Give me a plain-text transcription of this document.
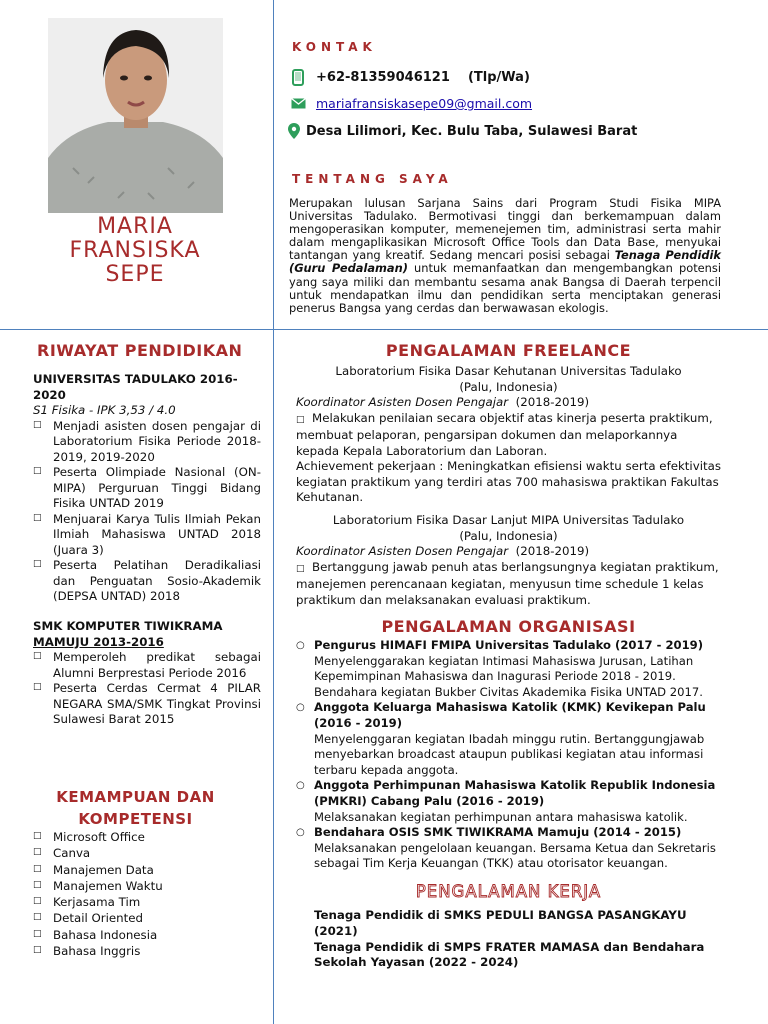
MARIA
FRANSISKA
SEPE
KONTAK
+62-81359046121    (Tlp/Wa)
mariafransiskasepe09@gmail.com
Desa Lilimori, Kec. Bulu Taba, Sulawesi Barat
TENTANG SAYA
Merupakan lulusan Sarjana Sains dari Program Studi Fisika MIPA Universitas Tadulako. Bermotivasi tinggi dan berkemampuan dalam mengoperasikan komputer, memenejemen tim, administrasi serta mahir dalam mengaplikasikan Microsoft Office Tools dan Data Base, menyukai tantangan yang kreatif. Sedang mencari posisi sebagai Tenaga Pendidik (Guru Pedalaman) untuk memanfaatkan dan mengembangkan potensi yang saya miliki dan membantu sesama anak Bangsa di Daerah terpencil untuk mendapatkan ilmu dan pendidikan serta menciptakan generasi penerus Bangsa yang cerdas dan berwawasan ekologis.
RIWAYAT PENDIDIKAN
UNIVERSITAS TADULAKO 2016-2020
S1 Fisika - IPK 3,53 / 4.0
□ Menjadi asisten dosen pengajar di Laboratorium Fisika Periode 2018-2019, 2019-2020
□ Peserta Olimpiade Nasional (ON-MIPA) Perguruan Tinggi Bidang Fisika UNTAD 2019
□ Menjuarai Karya Tulis Ilmiah Pekan Ilmiah Mahasiswa UNTAD 2018 (Juara 3)
□ Peserta Pelatihan Deradikaliasi dan Penguatan Sosio-Akademik (DEPSA UNTAD) 2018
SMK KOMPUTER TIWIKRAMA
MAMUJU 2013-2016
□ Memperoleh predikat sebagai Alumni Berprestasi Periode 2016
□ Peserta Cerdas Cermat 4 PILAR NEGARA SMA/SMK Tingkat Provinsi Sulawesi Barat 2015
KEMAMPUAN DAN
KOMPETENSI
□ Microsoft Office
□ Canva
□ Manajemen Data
□ Manajemen Waktu
□ Kerjasama Tim
□ Detail Oriented
□ Bahasa Indonesia
□ Bahasa Inggris
PENGALAMAN FREELANCE
Laboratorium Fisika Dasar Kehutanan Universitas Tadulako
(Palu, Indonesia)
Koordinator Asisten Dosen Pengajar (2018-2019)
□ Melakukan penilaian secara objektif atas kinerja peserta praktikum, membuat pelaporan, pengarsipan dokumen dan melaporkannya kepada Kepala Laboratorium dan Laboran.
Achievement pekerjaan : Meningkatkan efisiensi waktu serta efektivitas kegiatan praktikum yang terdiri atas 700 mahasiswa praktikan Fakultas Kehutanan.
Laboratorium Fisika Dasar Lanjut MIPA Universitas Tadulako
(Palu, Indonesia)
Koordinator Asisten Dosen Pengajar (2018-2019)
□ Bertanggung jawab penuh atas berlangsungnya kegiatan praktikum, manejemen perencanaan kegiatan, menyusun time schedule 1 kelas praktikum dan melaksanakan evaluasi praktikum.
PENGALAMAN ORGANISASI
○ Pengurus HIMAFI FMIPA Universitas Tadulako (2017 - 2019)
Menyelenggarakan kegiatan Intimasi Mahasiswa Jurusan, Latihan Kepemimpinan Mahasiswa dan Inagurasi Periode 2018 - 2019.
Bendahara kegiatan Bukber Civitas Akademika Fisika UNTAD 2017.
○ Anggota Keluarga Mahasiswa Katolik (KMK) Kevikepan Palu (2016 - 2019)
Menyelenggaran kegiatan Ibadah minggu rutin. Bertanggungjawab menyebarkan broadcast ataupun publikasi kegiatan atau informasi terbaru kepada anggota.
○ Anggota Perhimpunan Mahasiswa Katolik Republik Indonesia (PMKRI) Cabang Palu (2016 - 2019)
Melaksanakan kegiatan perhimpunan antara mahasiswa katolik.
○ Bendahara OSIS SMK TIWIKRAMA Mamuju (2014 - 2015)
Melaksanakan pengelolaan keuangan. Bersama Ketua dan Sekretaris sebagai Tim Kerja Keuangan (TKK) atau otorisator keuangan.
PENGALAMAN KERJA
Tenaga Pendidik di SMKS PEDULI BANGSA PASANGKAYU (2021)
Tenaga Pendidik di SMPS FRATER MAMASA dan Bendahara Sekolah Yayasan (2022 - 2024)
